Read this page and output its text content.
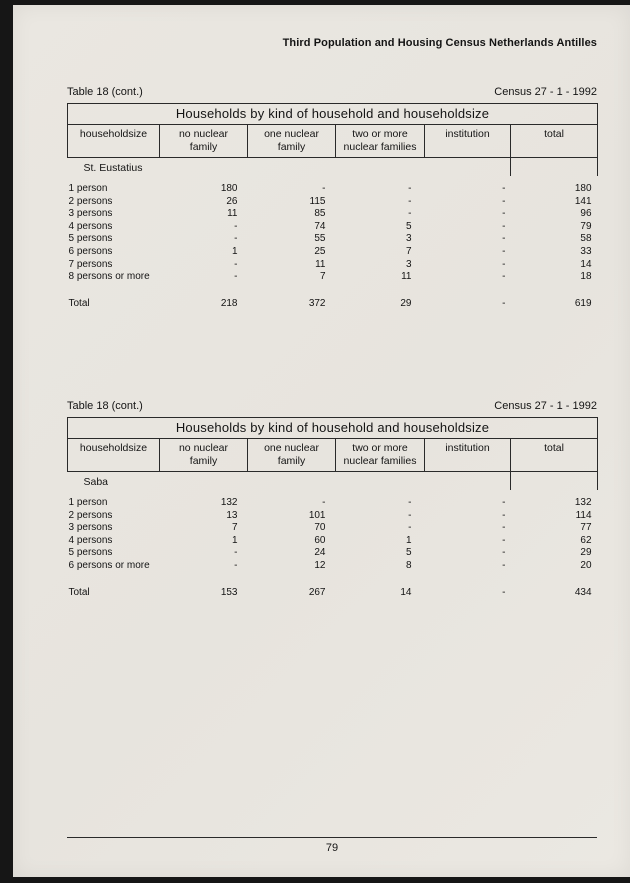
Third Population and Housing Census Netherlands Antilles
Table 18 (cont.)	Census 27 - 1 - 1992
Households by kind of household and householdsize					
householdsize	no nuclear family	one nuclear family	two or more nuclear families	institution	total
St. Eustatius					

1 person	180	-	-	-	180
2 persons	26	115	-	-	141
3 persons	11	85	-	-	96
4 persons	-	74	5	-	79
5 persons	-	55	3	-	58
6 persons	1	25	7	-	33
7 persons	-	11	3	-	14
8 persons or more	-	7	11	-	18

Total	218	372	29	-	619
Table 18 (cont.)	Census 27 - 1 - 1992
Households by kind of household and householdsize					
householdsize	no nuclear family	one nuclear family	two or more nuclear families	institution	total
Saba					

1 person	132	-	-	-	132
2 persons	13	101	-	-	114
3 persons	7	70	-	-	77
4 persons	1	60	1	-	62
5 persons	-	24	5	-	29
6 persons or more	-	12	8	-	20

Total	153	267	14	-	434
79
